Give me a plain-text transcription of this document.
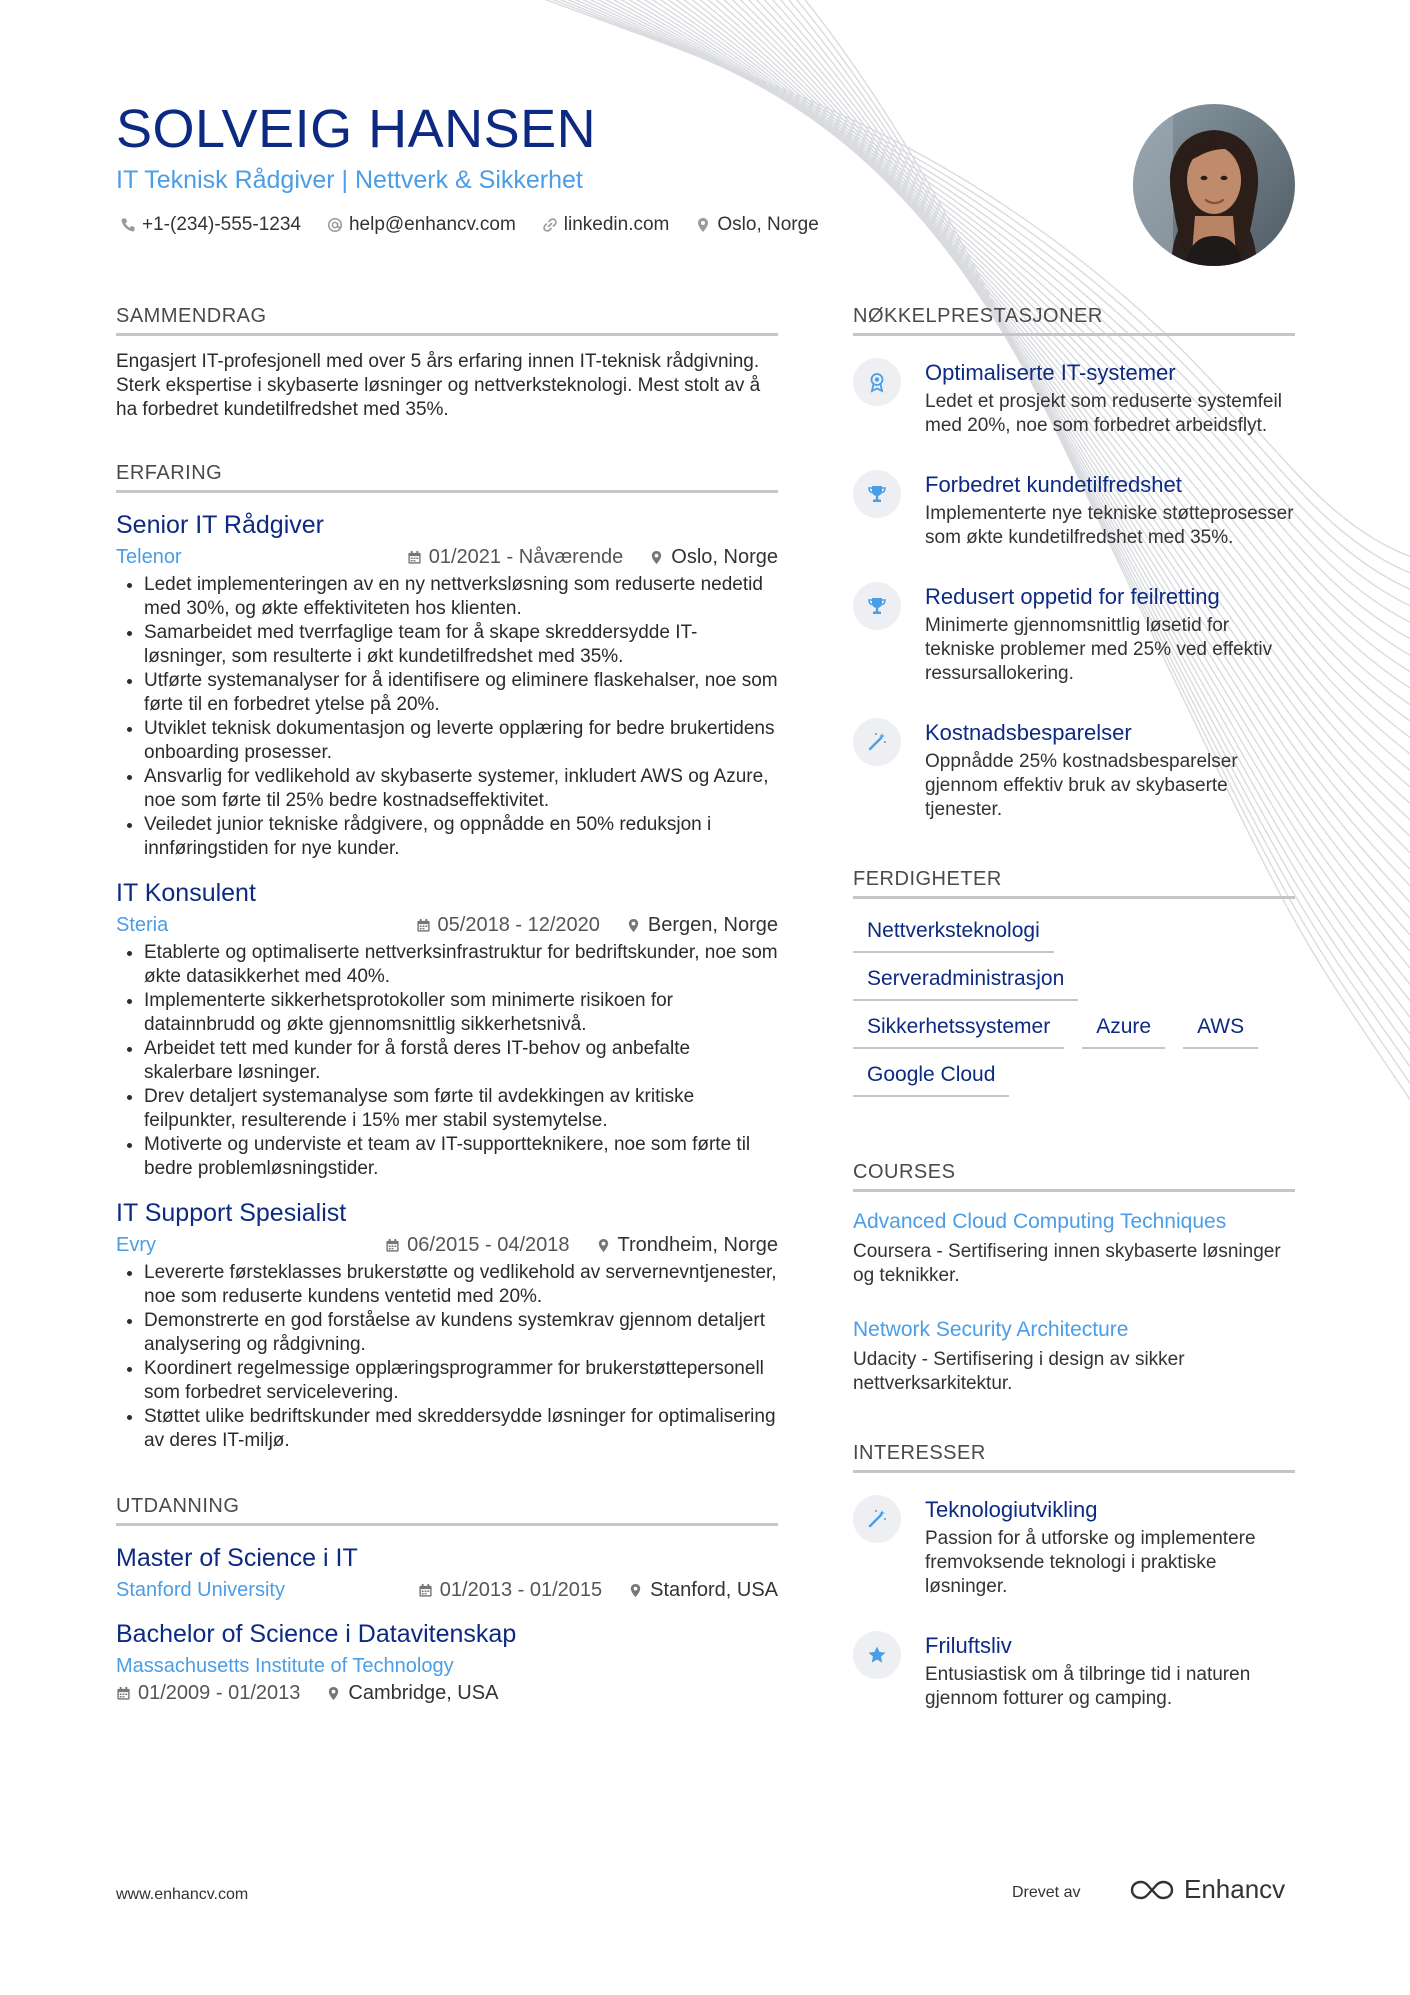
SOLVEIG HANSEN
IT Teknisk Rådgiver | Nettverk & Sikkerhet
+1-(234)-555-1234	help@enhancv.com	linkedin.com	Oslo, Norge
SAMMENDRAG
Engasjert IT-profesjonell med over 5 års erfaring innen IT-teknisk rådgivning. Sterk ekspertise i skybaserte løsninger og nettverksteknologi. Mest stolt av å ha forbedret kundetilfredshet med 35%.
ERFARING
Senior IT Rådgiver
Telenor	01/2021 - Nåværende Oslo, Norge
• Ledet implementeringen av en ny nettverksløsning som reduserte nedetid med 30%, og økte effektiviteten hos klienten.
• Samarbeidet med tverrfaglige team for å skape skreddersydde IT-løsninger, som resulterte i økt kundetilfredshet med 35%.
• Utførte systemanalyser for å identifisere og eliminere flaskehalser, noe som førte til en forbedret ytelse på 20%.
• Utviklet teknisk dokumentasjon og leverte opplæring for bedre brukertidens onboarding prosesser.
• Ansvarlig for vedlikehold av skybaserte systemer, inkludert AWS og Azure, noe som førte til 25% bedre kostnadseffektivitet.
• Veiledet junior tekniske rådgivere, og oppnådde en 50% reduksjon i innføringstiden for nye kunder.
IT Konsulent
Steria	05/2018 - 12/2020 Bergen, Norge
• Etablerte og optimaliserte nettverksinfrastruktur for bedriftskunder, noe som økte datasikkerhet med 40%.
• Implementerte sikkerhetsprotokoller som minimerte risikoen for datainnbrudd og økte gjennomsnittlig sikkerhetsnivå.
• Arbeidet tett med kunder for å forstå deres IT-behov og anbefalte skalerbare løsninger.
• Drev detaljert systemanalyse som førte til avdekkingen av kritiske feilpunkter, resulterende i 15% mer stabil systemytelse.
• Motiverte og underviste et team av IT-supportteknikere, noe som førte til bedre problemløsningstider.
IT Support Spesialist
Evry	06/2015 - 04/2018 Trondheim, Norge
• Levererte førsteklasses brukerstøtte og vedlikehold av servernevntjenester, noe som reduserte kundens ventetid med 20%.
• Demonstrerte en god forståelse av kundens systemkrav gjennom detaljert analysering og rådgivning.
• Koordinert regelmessige opplæringsprogrammer for brukerstøttepersonell som forbedret servicelevering.
• Støttet ulike bedriftskunder med skreddersydde løsninger for optimalisering av deres IT-miljø.
UTDANNING
Master of Science i IT
Stanford University	01/2013 - 01/2015 Stanford, USA
Bachelor of Science i Datavitenskap
Massachusetts Institute of Technology
01/2009 - 01/2013 Cambridge, USA
NØKKELPRESTASJONER
Optimaliserte IT-systemer
Ledet et prosjekt som reduserte systemfeil med 20%, noe som forbedret arbeidsflyt.
Forbedret kundetilfredshet
Implementerte nye tekniske støtteprosesser som økte kundetilfredshet med 35%.
Redusert oppetid for feilretting
Minimerte gjennomsnittlig løsetid for tekniske problemer med 25% ved effektiv ressursallokering.
Kostnadsbesparelser
Oppnådde 25% kostnadsbesparelser gjennom effektiv bruk av skybaserte tjenester.
FERDIGHETER
Nettverksteknologi
Serveradministrasjon
Sikkerhetssystemer	Azure	AWS
Google Cloud
COURSES
Advanced Cloud Computing Techniques
Coursera - Sertifisering innen skybaserte løsninger og teknikker.
Network Security Architecture
Udacity - Sertifisering i design av sikker nettverksarkitektur.
INTERESSER
Teknologiutvikling
Passion for å utforske og implementere fremvoksende teknologi i praktiske løsninger.
Friluftsliv
Entusiastisk om å tilbringe tid i naturen gjennom fotturer og camping.
www.enhancv.com	Drevet av	Enhancv
